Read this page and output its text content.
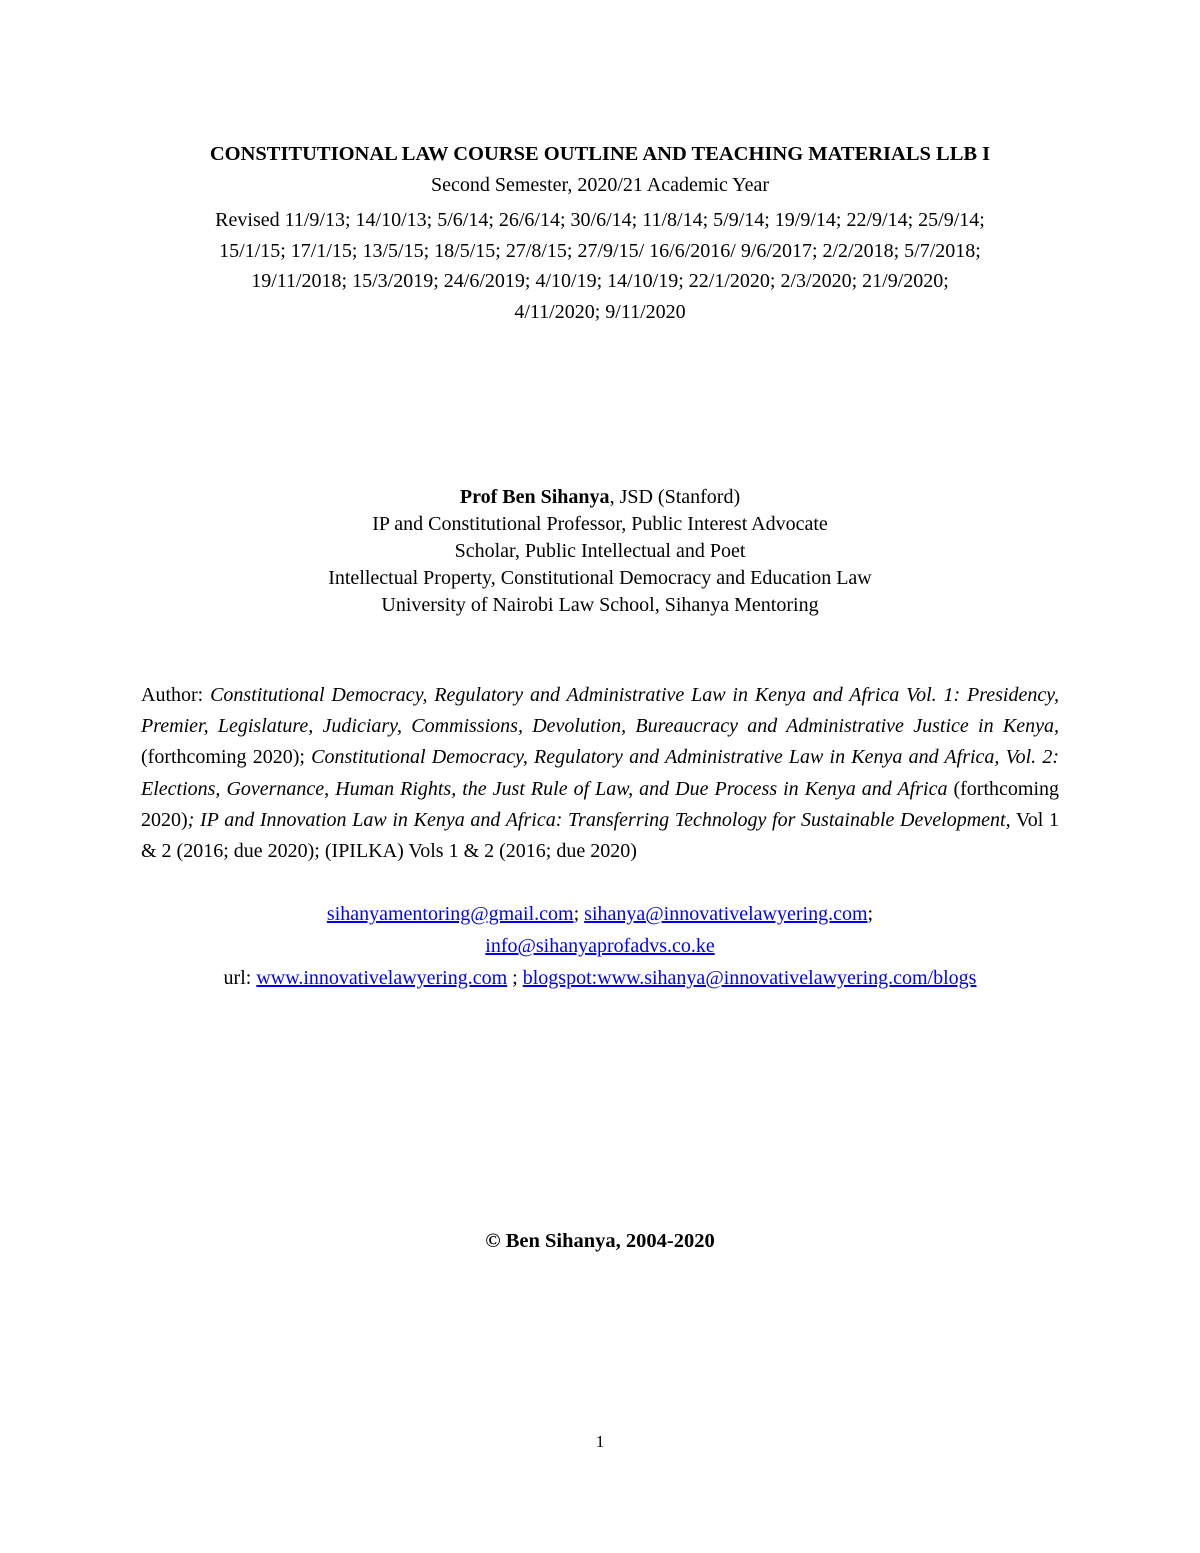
CONSTITUTIONAL LAW COURSE OUTLINE AND TEACHING MATERIALS LLB I
Second Semester, 2020/21 Academic Year
Revised 11/9/13; 14/10/13; 5/6/14; 26/6/14; 30/6/14; 11/8/14; 5/9/14; 19/9/14; 22/9/14; 25/9/14;
15/1/15; 17/1/15; 13/5/15; 18/5/15; 27/8/15; 27/9/15/ 16/6/2016/ 9/6/2017; 2/2/2018; 5/7/2018;
19/11/2018; 15/3/2019; 24/6/2019; 4/10/19; 14/10/19; 22/1/2020; 2/3/2020; 21/9/2020;
4/11/2020; 9/11/2020
Prof Ben Sihanya, JSD (Stanford)
IP and Constitutional Professor, Public Interest Advocate
Scholar, Public Intellectual and Poet
Intellectual Property, Constitutional Democracy and Education Law
University of Nairobi Law School, Sihanya Mentoring
Author: Constitutional Democracy, Regulatory and Administrative Law in Kenya and Africa Vol. 1: Presidency, Premier, Legislature, Judiciary, Commissions, Devolution, Bureaucracy and Administrative Justice in Kenya, (forthcoming 2020); Constitutional Democracy, Regulatory and Administrative Law in Kenya and Africa, Vol. 2: Elections, Governance, Human Rights, the Just Rule of Law, and Due Process in Kenya and Africa (forthcoming 2020); IP and Innovation Law in Kenya and Africa: Transferring Technology for Sustainable Development, Vol 1 & 2 (2016; due 2020); (IPILKA) Vols 1 & 2 (2016; due 2020)
sihanyamentoring@gmail.com; sihanya@innovativelawyering.com;
info@sihanyaprofadvs.co.ke
url: www.innovativelawyering.com ; blogspot:www.sihanya@innovativelawyering.com/blogs
© Ben Sihanya, 2004-2020
1
